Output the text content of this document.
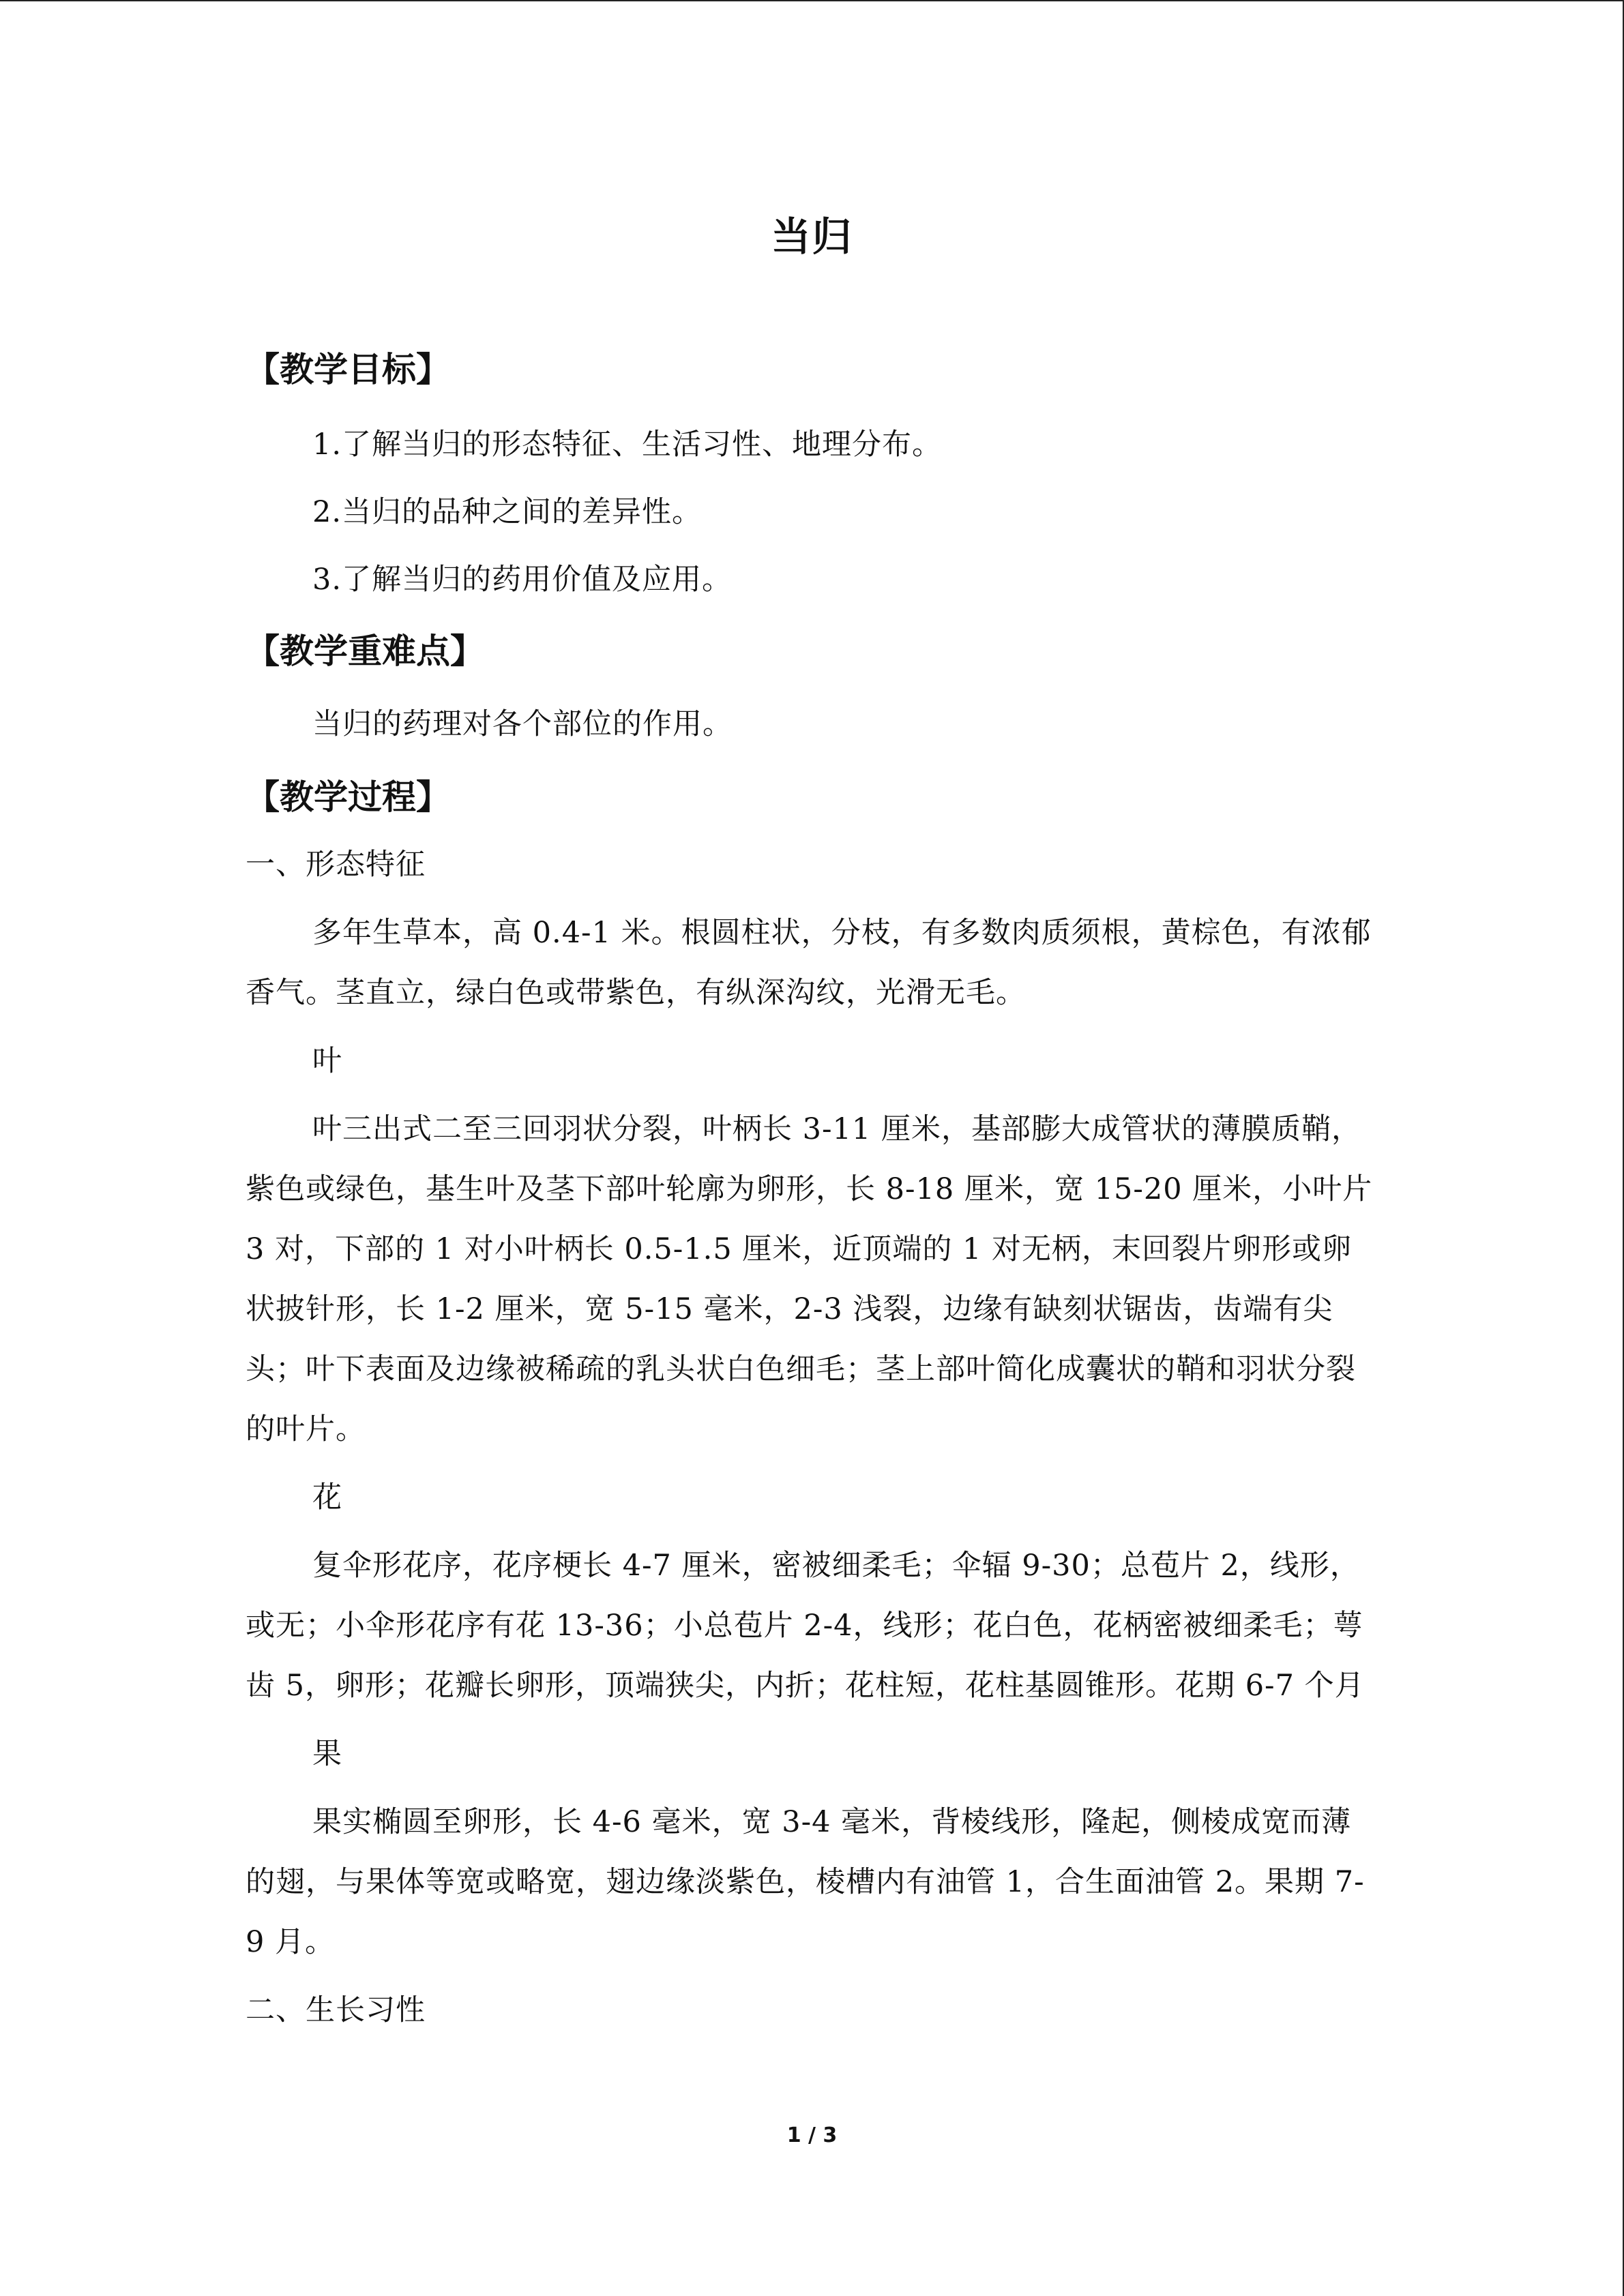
当归
【教学目标】

1.了解当归的形态特征、生活习性、地理分布。

2.当归的品种之间的差异性。

3.了解当归的药用价值及应用。

【教学重难点】

当归的药理对各个部位的作用。

【教学过程】

一、形态特征

多年生草本，高 0.4-1 米。根圆柱状，分枝，有多数肉质须根，黄棕色，有浓郁香气。茎直立，绿白色或带紫色，有纵深沟纹，光滑无毛。

叶

叶三出式二至三回羽状分裂，叶柄长 3-11 厘米，基部膨大成管状的薄膜质鞘，紫色或绿色，基生叶及茎下部叶轮廓为卵形，长 8-18 厘米，宽 15-20 厘米，小叶片 3 对，下部的 1 对小叶柄长 0.5-1.5 厘米，近顶端的 1 对无柄，末回裂片卵形或卵状披针形，长 1-2 厘米，宽 5-15 毫米，2-3 浅裂，边缘有缺刻状锯齿，齿端有尖头；叶下表面及边缘被稀疏的乳头状白色细毛；茎上部叶简化成囊状的鞘和羽状分裂的叶片。

花

复伞形花序，花序梗长 4-7 厘米，密被细柔毛；伞辐 9-30；总苞片 2，线形，或无；小伞形花序有花 13-36；小总苞片 2-4，线形；花白色，花柄密被细柔毛；萼齿 5，卵形；花瓣长卵形，顶端狭尖，内折；花柱短，花柱基圆锥形。花期 6-7 个月

果

果实椭圆至卵形，长 4-6 毫米，宽 3-4 毫米，背棱线形，隆起，侧棱成宽而薄的翅，与果体等宽或略宽，翅边缘淡紫色，棱槽内有油管 1，合生面油管 2。果期 7-9 月。

二、生长习性

1 / 3
